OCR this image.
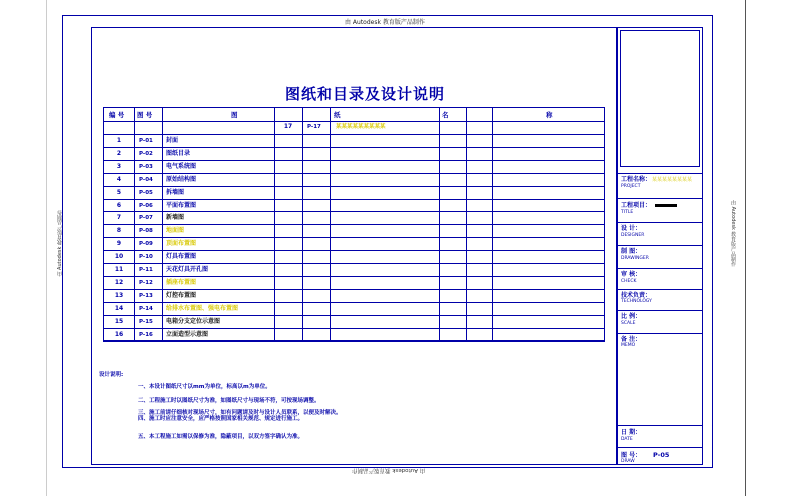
由 Autodesk 教育版产品制作
由 Autodesk 教育版产品制作
由 Autodesk 教育版产品制作	由 Autodesk 教育版产品制作
图纸和目录及设计说明
编 号 图 号	图	纸	名	称
17	P-17	某某某某某某某某某
1	P-01 封面
2	P-02 图纸目录
3	P-03 电气系统图
4	P-04 原始结构图
5	P-05 拆墙图
6	P-06 平面布置图
7	P-07 新墙图
8	P-08 地面图
9	P-09 顶面布置图
10	P-10 灯具布置图
11	P-11 天花灯具开孔图
12	P-12 插座布置图
13	P-13 灯控布置图
14	P-14 给排水布置图、强电布置图
15	P-15 电箱分支定位示意图
16	P-16 立面造型示意图
设计说明:
一、本设计图纸尺寸以mm为单位，标高以m为单位。
二、工程施工时以图纸尺寸为准，如图纸尺寸与现场不符，可按现场调整。
三、施工前请仔细核对现场尺寸，如有问题请及时与设计人员联系，以便及时解决。
四、施工时应注意安全，应严格按照国家相关规范、规定进行施工。
五、本工程施工如需以保修为准，隐蔽项目，以双方签字确认为准。
工程名称：
PROJECT
某某某某某某某某
工程项目：
TITLE
设 计：
DESIGNER
制 图：
DRAWINGER
审 核：
CHECK
技术负责：
TECHNOLOGY
比 例：
SCALE
备 注：
MEMO
日 期：
DATE
图 号：
DRAW
P-05
